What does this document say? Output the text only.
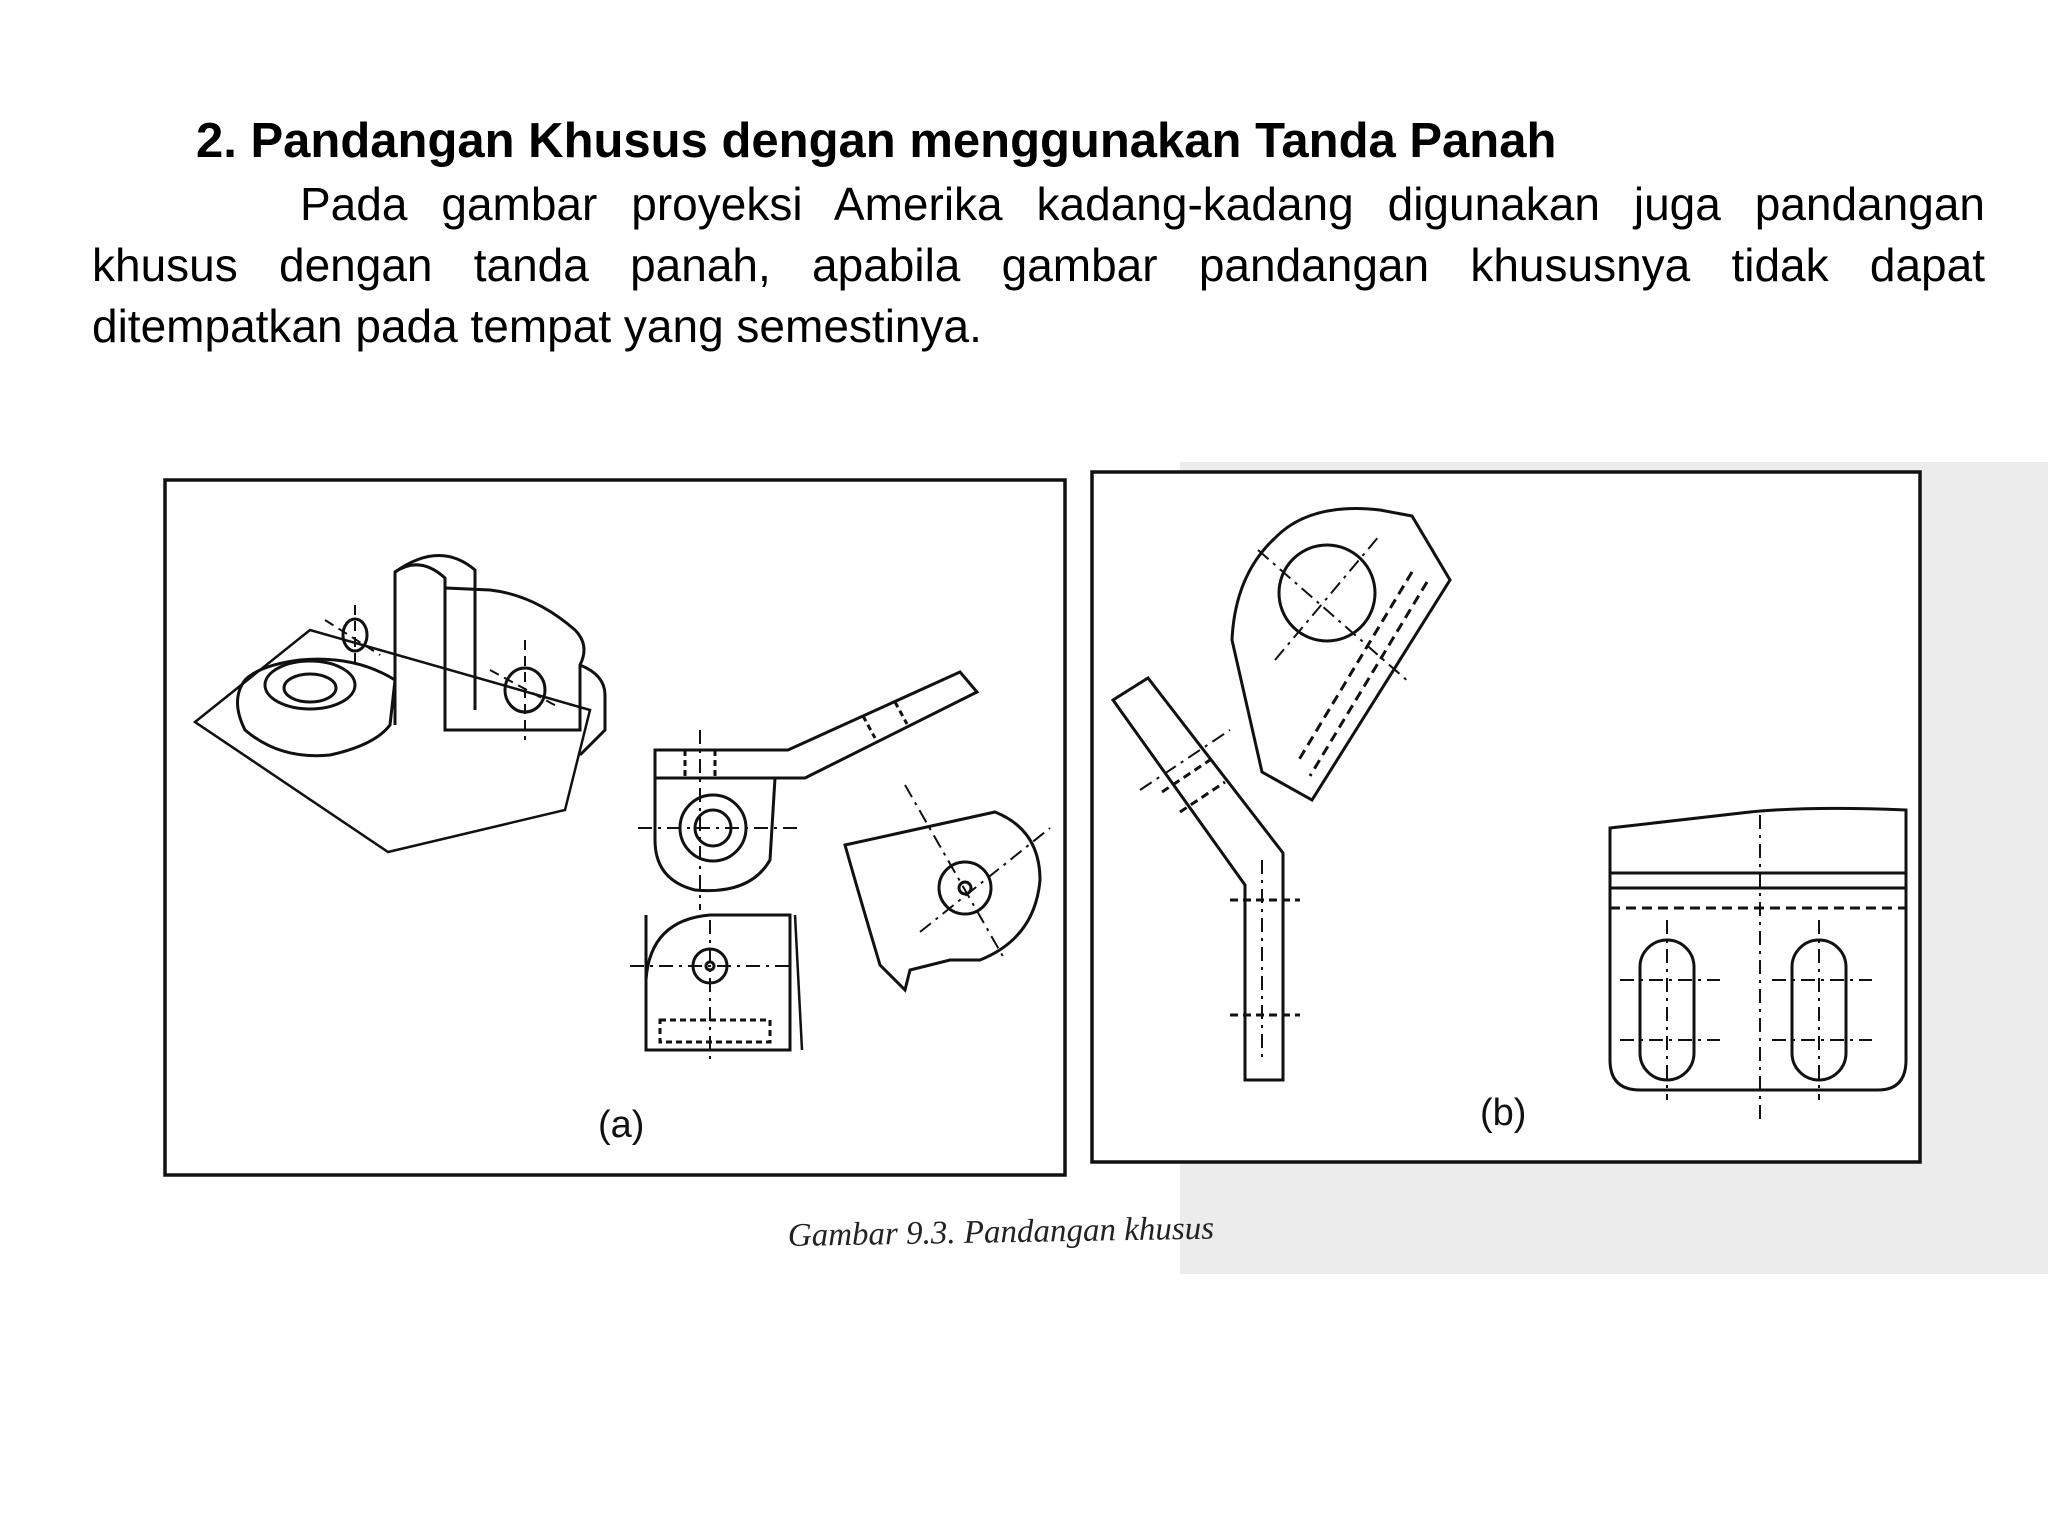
2. Pandangan Khusus dengan menggunakan Tanda Panah

Pada gambar proyeksi Amerika kadang-kadang digunakan juga pandangan khusus dengan tanda panah, apabila gambar pandangan khususnya tidak dapat ditempatkan pada tempat yang semestinya.

(a)	(b)
Gambar 9.3. Pandangan khusus
